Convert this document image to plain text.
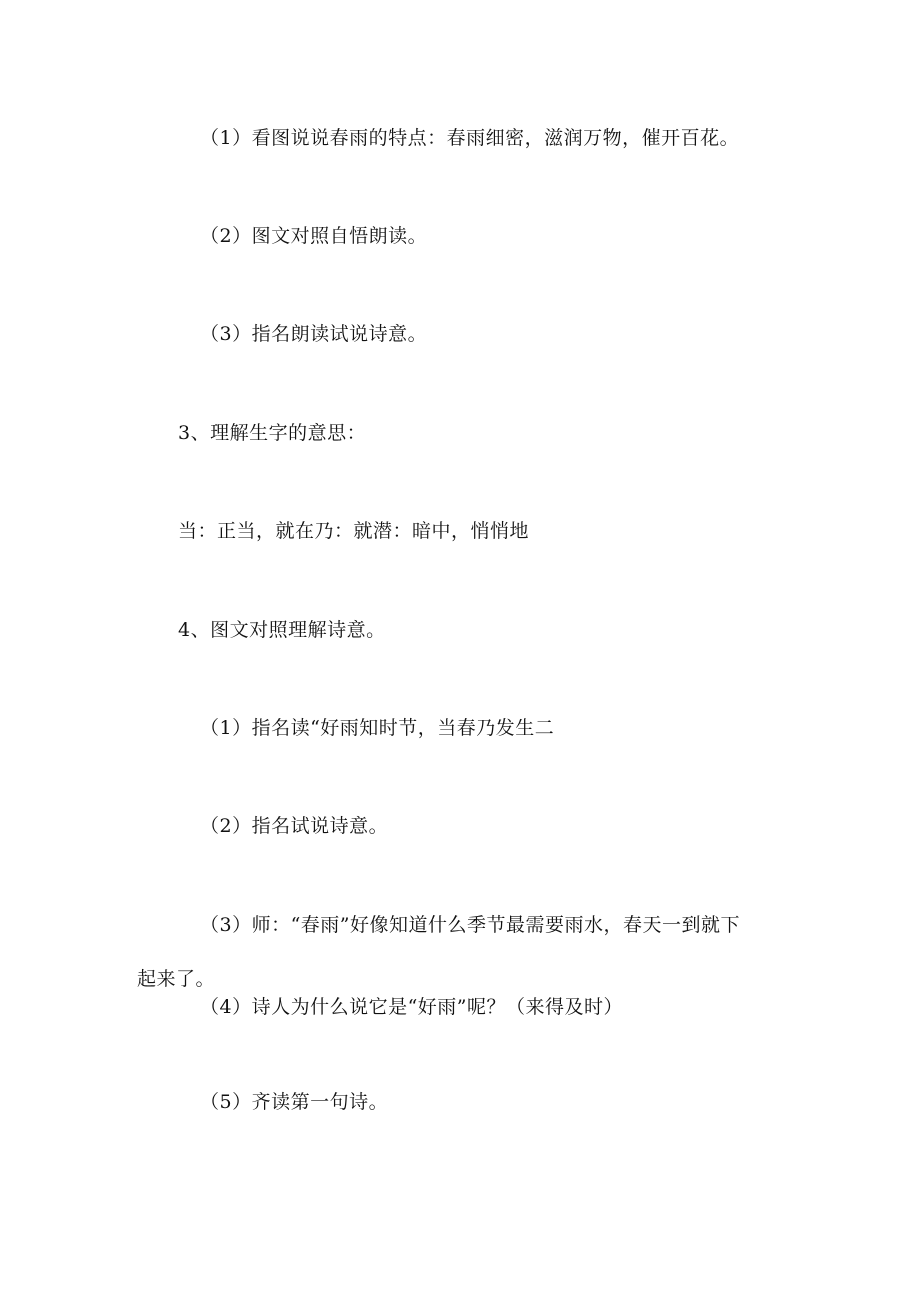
（1）看图说说春雨的特点：春雨细密，滋润万物，催开百花。
（2）图文对照自悟朗读。
（3）指名朗读试说诗意。
3、理解生字的意思：
当：正当，就在乃：就潜：暗中，悄悄地
4、图文对照理解诗意。
（1）指名读“好雨知时节，当春乃发生二
（2）指名试说诗意。
（3）师：“春雨”好像知道什么季节最需要雨水，春天一到就下
起来了。
（4）诗人为什么说它是“好雨”呢？（来得及时）
（5）齐读第一句诗。
